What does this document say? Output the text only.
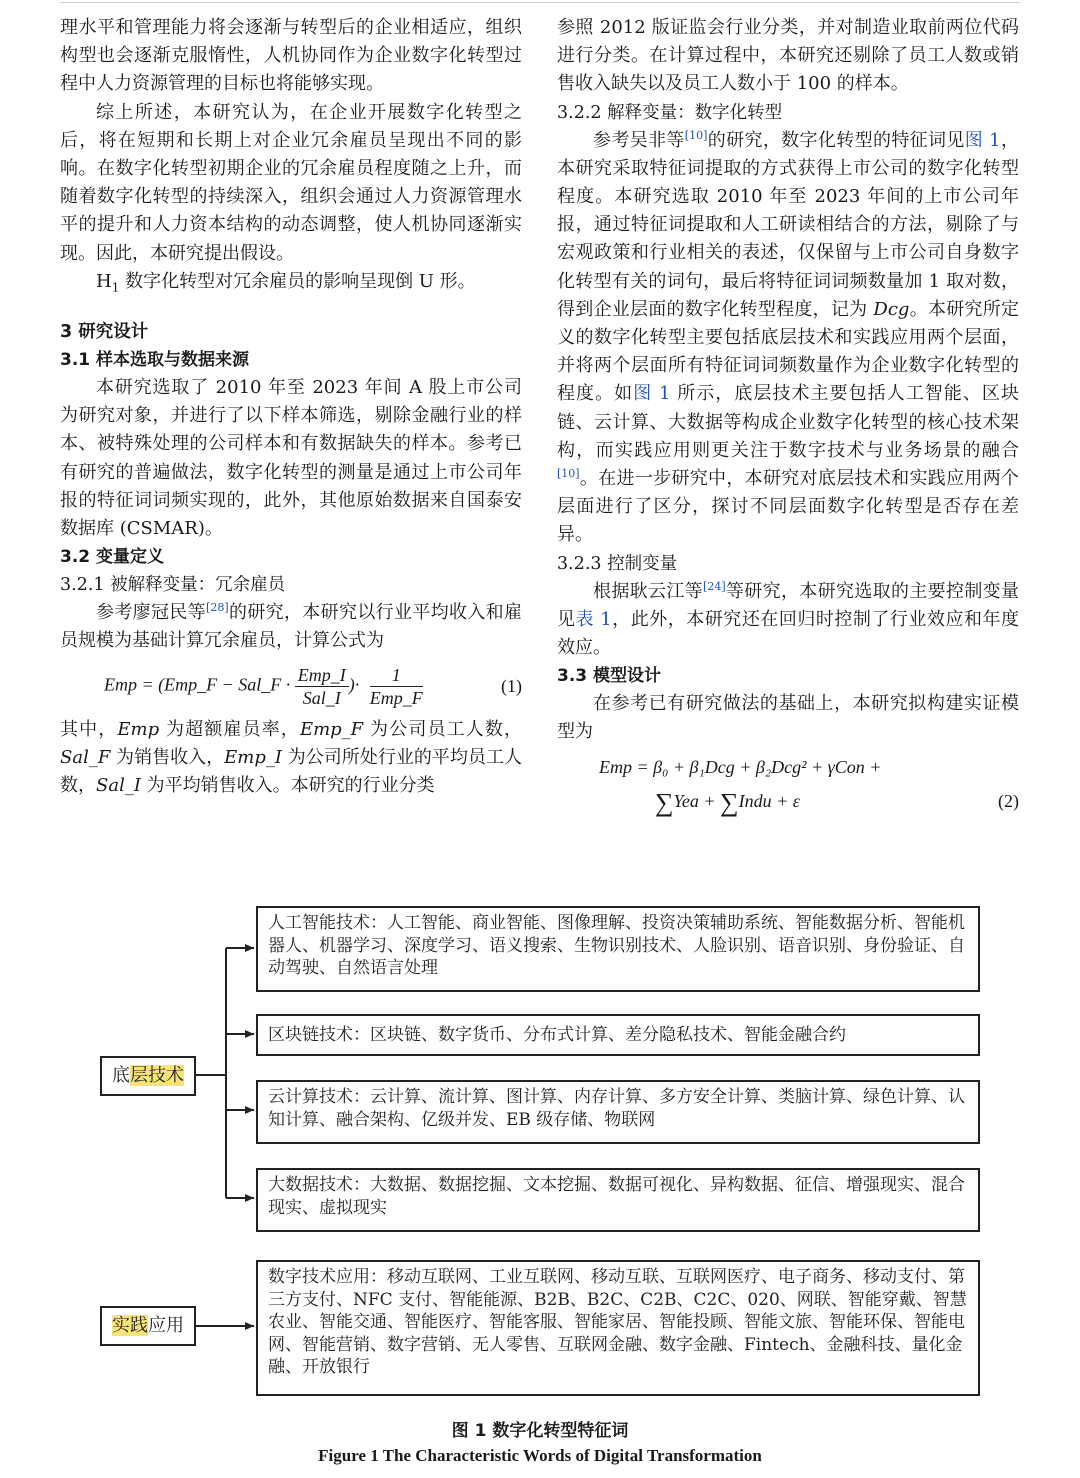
理水平和管理能力将会逐渐与转型后的企业相适应，组织构型也会逐渐克服惰性，人机协同作为企业数字化转型过程中人力资源管理的目标也将能够实现。

综上所述，本研究认为，在企业开展数字化转型之后，将在短期和长期上对企业冗余雇员呈现出不同的影响。在数字化转型初期企业的冗余雇员程度随之上升，而随着数字化转型的持续深入，组织会通过人力资源管理水平的提升和人力资本结构的动态调整，使人机协同逐渐实现。因此，本研究提出假设。

$H_1$ 数字化转型对冗余雇员的影响呈现倒 U 形。

3 研究设计
3.1 样本选取与数据来源

本研究选取了 2010 年至 2023 年间 A 股上市公司为研究对象，并进行了以下样本筛选，剔除金融行业的样本、被特殊处理的公司样本和有数据缺失的样本。参考已有研究的普遍做法，数字化转型的测量是通过上市公司年报的特征词词频实现的，此外，其他原始数据来自国泰安数据库 (CSMAR)。

3.2 变量定义
3.2.1 被解释变量：冗余雇员

参考廖冠民等[28]的研究，本研究以行业平均收入和雇员规模为基础计算冗余雇员，计算公式为

Emp = (Emp_F − Sal_F · $\frac{\text{Emp\_I}}{\text{Sal\_I}}$ )· $\frac{1}{\text{Emp\_F}}$	(1)

其中，Emp 为超额雇员率，Emp_F 为公司员工人数，Sal_F 为销售收入，Emp_I 为公司所处行业的平均员工人数，Sal_I 为平均销售收入。本研究的行业分类

参照 2012 版证监会行业分类，并对制造业取前两位代码进行分类。在计算过程中，本研究还剔除了员工人数或销售收入缺失以及员工人数小于 100 的样本。

3.2.2 解释变量：数字化转型

参考吴非等[10]的研究，数字化转型的特征词见图 1，本研究采取特征词提取的方式获得上市公司的数字化转型程度。本研究选取 2010 年至 2023 年间的上市公司年报，通过特征词提取和人工研读相结合的方法，剔除了与宏观政策和行业相关的表述，仅保留与上市公司自身数字化转型有关的词句，最后将特征词词频数量加 1 取对数，得到企业层面的数字化转型程度，记为 Dcg。本研究所定义的数字化转型主要包括底层技术和实践应用两个层面，并将两个层面所有特征词词频数量作为企业数字化转型的程度。如图 1 所示，底层技术主要包括人工智能、区块链、云计算、大数据等构成企业数字化转型的核心技术架构，而实践应用则更关注于数字技术与业务场景的融合[10]。在进一步研究中，本研究对底层技术和实践应用两个层面进行了区分，探讨不同层面数字化转型是否存在差异。

3.2.3 控制变量

根据耿云江等[24]等研究，本研究选取的主要控制变量见表 1，此外，本研究还在回归时控制了行业效应和年度效应。

3.3 模型设计

在参考已有研究做法的基础上，本研究拟构建实证模型为

Emp = β₀ + β₁Dcg + β₂Dcg² + γCon +
∑Yea + ∑Indu + ε	(2)
底层技术
实践应用
人工智能技术：人工智能、商业智能、图像理解、投资决策辅助系统、智能数据分析、智能机器人、机器学习、深度学习、语义搜索、生物识别技术、人脸识别、语音识别、身份验证、自动驾驶、自然语言处理
区块链技术：区块链、数字货币、分布式计算、差分隐私技术、智能金融合约
云计算技术：云计算、流计算、图计算、内存计算、多方安全计算、类脑计算、绿色计算、认知计算、融合架构、亿级并发、EB 级存储、物联网
大数据技术：大数据、数据挖掘、文本挖掘、数据可视化、异构数据、征信、增强现实、混合现实、虚拟现实
数字技术应用：移动互联网、工业互联网、移动互联、互联网医疗、电子商务、移动支付、第三方支付、NFC 支付、智能能源、B2B、B2C、C2B、C2C、020、网联、智能穿戴、智慧农业、智能交通、智能医疗、智能客服、智能家居、智能投顾、智能文旅、智能环保、智能电网、智能营销、数字营销、无人零售、互联网金融、数字金融、Fintech、金融科技、量化金融、开放银行
图 1 数字化转型特征词
Figure 1 The Characteristic Words of Digital Transformation
